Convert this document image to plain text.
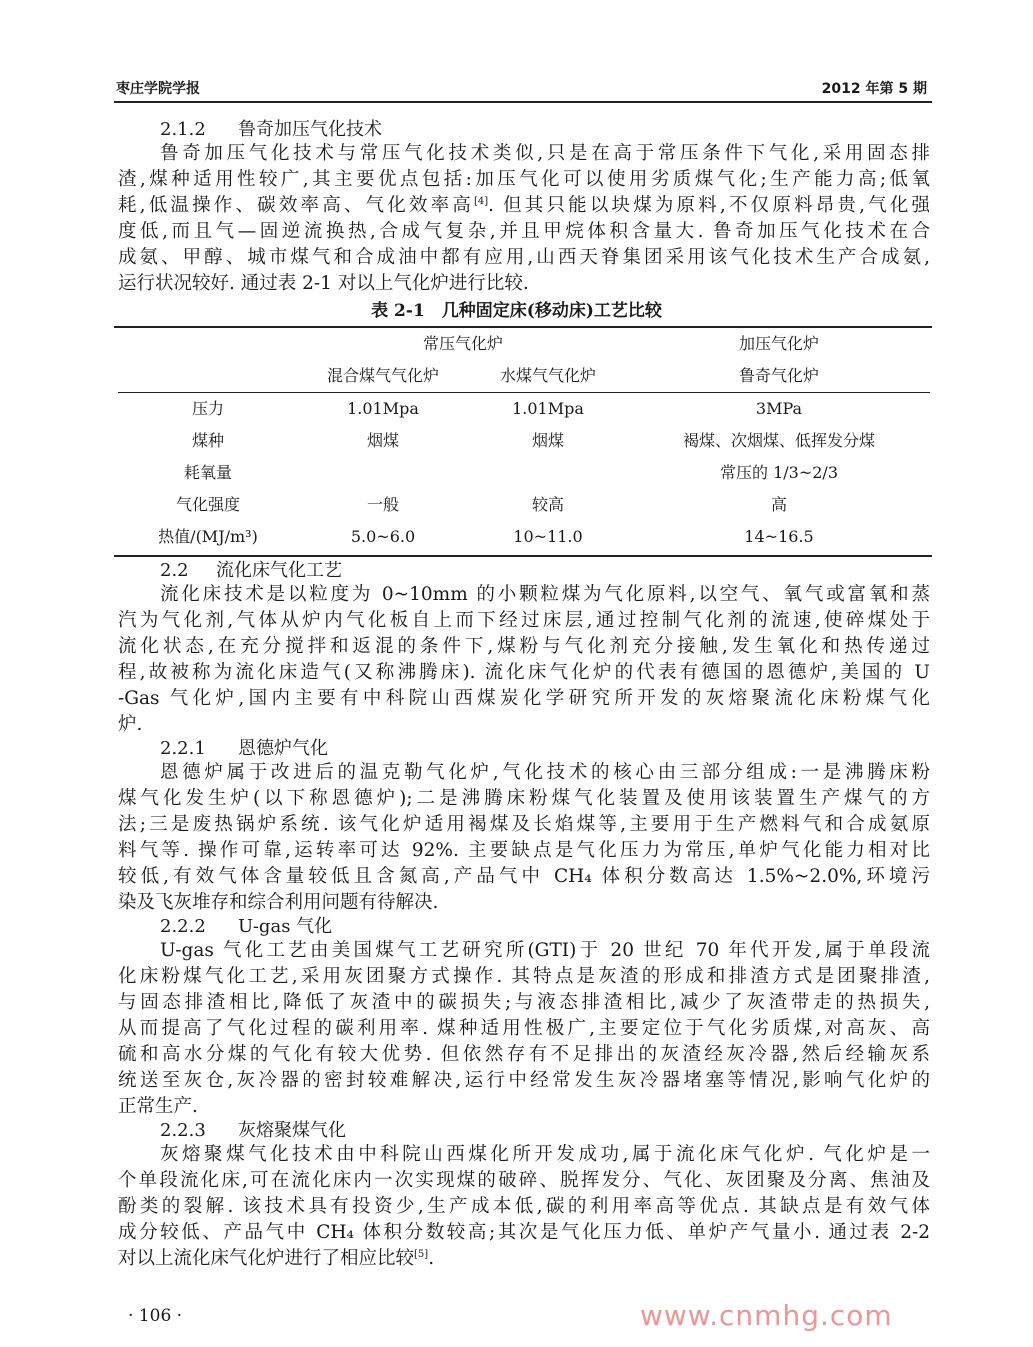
枣庄学院学报	2012 年第 5 期
2.1.2 鲁奇加压气化技术
鲁奇加压气化技术与常压气化技术类似,只是在高于常压条件下气化,采用固态排
渣,煤种适用性较广,其主要优点包括:加压气化可以使用劣质煤气化;生产能力高;低氧
耗,低温操作、碳效率高、气化效率高[4]. 但其只能以块煤为原料,不仅原料昂贵,气化强
度低,而且气—固逆流换热,合成气复杂,并且甲烷体积含量大. 鲁奇加压气化技术在合
成氨、甲醇、城市煤气和合成油中都有应用,山西天脊集团采用该气化技术生产合成氨,
运行状况较好. 通过表 2-1 对以上气化炉进行比较.
2.2 流化床气化工艺
流化床技术是以粒度为 0~10mm 的小颗粒煤为气化原料,以空气、氧气或富氧和蒸
汽为气化剂,气体从炉内气化板自上而下经过床层,通过控制气化剂的流速,使碎煤处于
流化状态,在充分搅拌和返混的条件下,煤粉与气化剂充分接触,发生氧化和热传递过
程,故被称为流化床造气(又称沸腾床). 流化床气化炉的代表有德国的恩德炉,美国的 U
-Gas 气化炉,国内主要有中科院山西煤炭化学研究所开发的灰熔聚流化床粉煤气化
炉.
2.2.1 恩德炉气化
恩德炉属于改进后的温克勒气化炉,气化技术的核心由三部分组成:一是沸腾床粉
煤气化发生炉(以下称恩德炉);二是沸腾床粉煤气化装置及使用该装置生产煤气的方
法;三是废热锅炉系统. 该气化炉适用褐煤及长焰煤等,主要用于生产燃料气和合成氨原
料气等. 操作可靠,运转率可达 92%. 主要缺点是气化压力为常压,单炉气化能力相对比
较低,有效气体含量较低且含氮高,产品气中 CH₄ 体积分数高达 1.5%~2.0%,环境污
染及飞灰堆存和综合利用问题有待解决.
2.2.2 U-gas 气化
U-gas 气化工艺由美国煤气工艺研究所(GTI)于 20 世纪 70 年代开发,属于单段流
化床粉煤气化工艺,采用灰团聚方式操作. 其特点是灰渣的形成和排渣方式是团聚排渣,
与固态排渣相比,降低了灰渣中的碳损失;与液态排渣相比,减少了灰渣带走的热损失,
从而提高了气化过程的碳利用率. 煤种适用性极广,主要定位于气化劣质煤,对高灰、高
硫和高水分煤的气化有较大优势. 但依然存有不足排出的灰渣经灰冷器,然后经输灰系
统送至灰仓,灰冷器的密封较难解决,运行中经常发生灰冷器堵塞等情况,影响气化炉的
正常生产.
2.2.3 灰熔聚煤气化
灰熔聚煤气化技术由中科院山西煤化所开发成功,属于流化床气化炉. 气化炉是一
个单段流化床,可在流化床内一次实现煤的破碎、脱挥发分、气化、灰团聚及分离、焦油及
酚类的裂解. 该技术具有投资少,生产成本低,碳的利用率高等优点. 其缺点是有效气体
成分较低、产品气中 CH₄ 体积分数较高;其次是气化压力低、单炉产气量小. 通过表 2-2
对以上流化床气化炉进行了相应比较[5].
表 2-1　几种固定床(移动床)工艺比较
	常压气化炉		加压气化炉
	混合煤气气化炉	水煤气气化炉	鲁奇气化炉
压力	1.01Mpa	1.01Mpa	3MPa
煤种	烟煤	烟煤	褐煤、次烟煤、低挥发分煤
耗氧量			常压的 1/3~2/3
气化强度	一般	较高	高
热值/(MJ/m³)	5.0~6.0	10~11.0	14~16.5
www.cnmhg.com
· 106 ·
